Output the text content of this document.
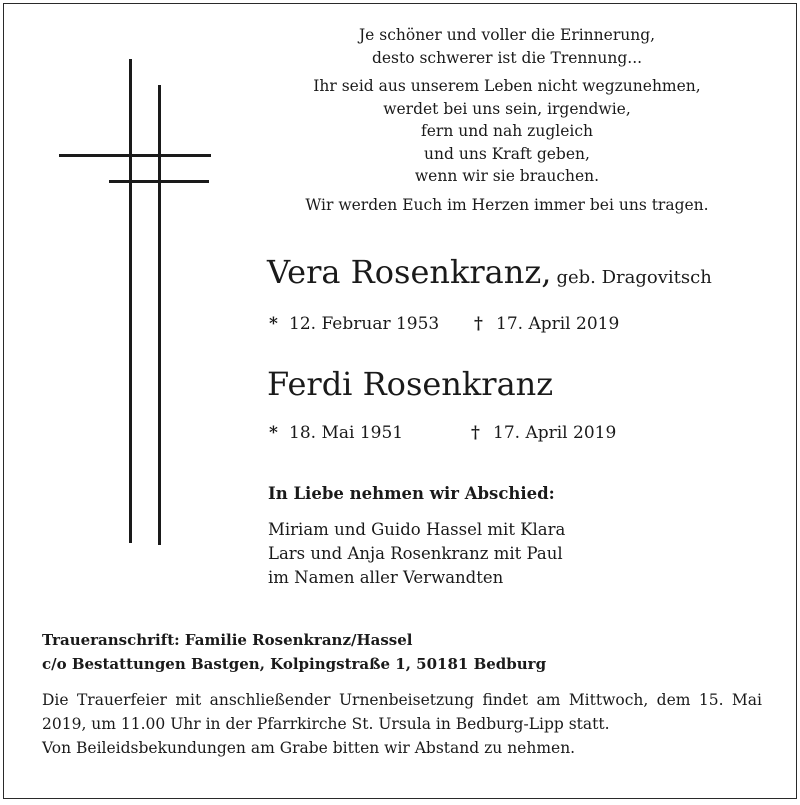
Je schöner und voller die Erinnerung,

desto schwerer ist die Trennung...

Ihr seid aus unserem Leben nicht wegzunehmen,

werdet bei uns sein, irgendwie,

fern und nah zugleich

und uns Kraft geben,

wenn wir sie brauchen.

Wir werden Euch im Herzen immer bei uns tragen.

Vera Rosenkranz, geb. Dragovitsch
* 12. Februar 1953 † 17. April 2019
Ferdi Rosenkranz
* 18. Mai 1951	† 17. April 2019
In Liebe nehmen wir Abschied:

Miriam und Guido Hassel mit Klara

Lars und Anja Rosenkranz mit Paul

im Namen aller Verwandten

Traueranschrift: Familie Rosenkranz/Hassel

c/o Bestattungen Bastgen, Kolpingstraße 1, 50181 Bedburg

Die Trauerfeier mit anschließender Urnenbeisetzung findet am Mittwoch, dem 15. Mai 2019, um 11.00 Uhr in der Pfarrkirche St. Ursula in Bedburg-Lipp statt.

Von Beileidsbekundungen am Grabe bitten wir Abstand zu nehmen.
